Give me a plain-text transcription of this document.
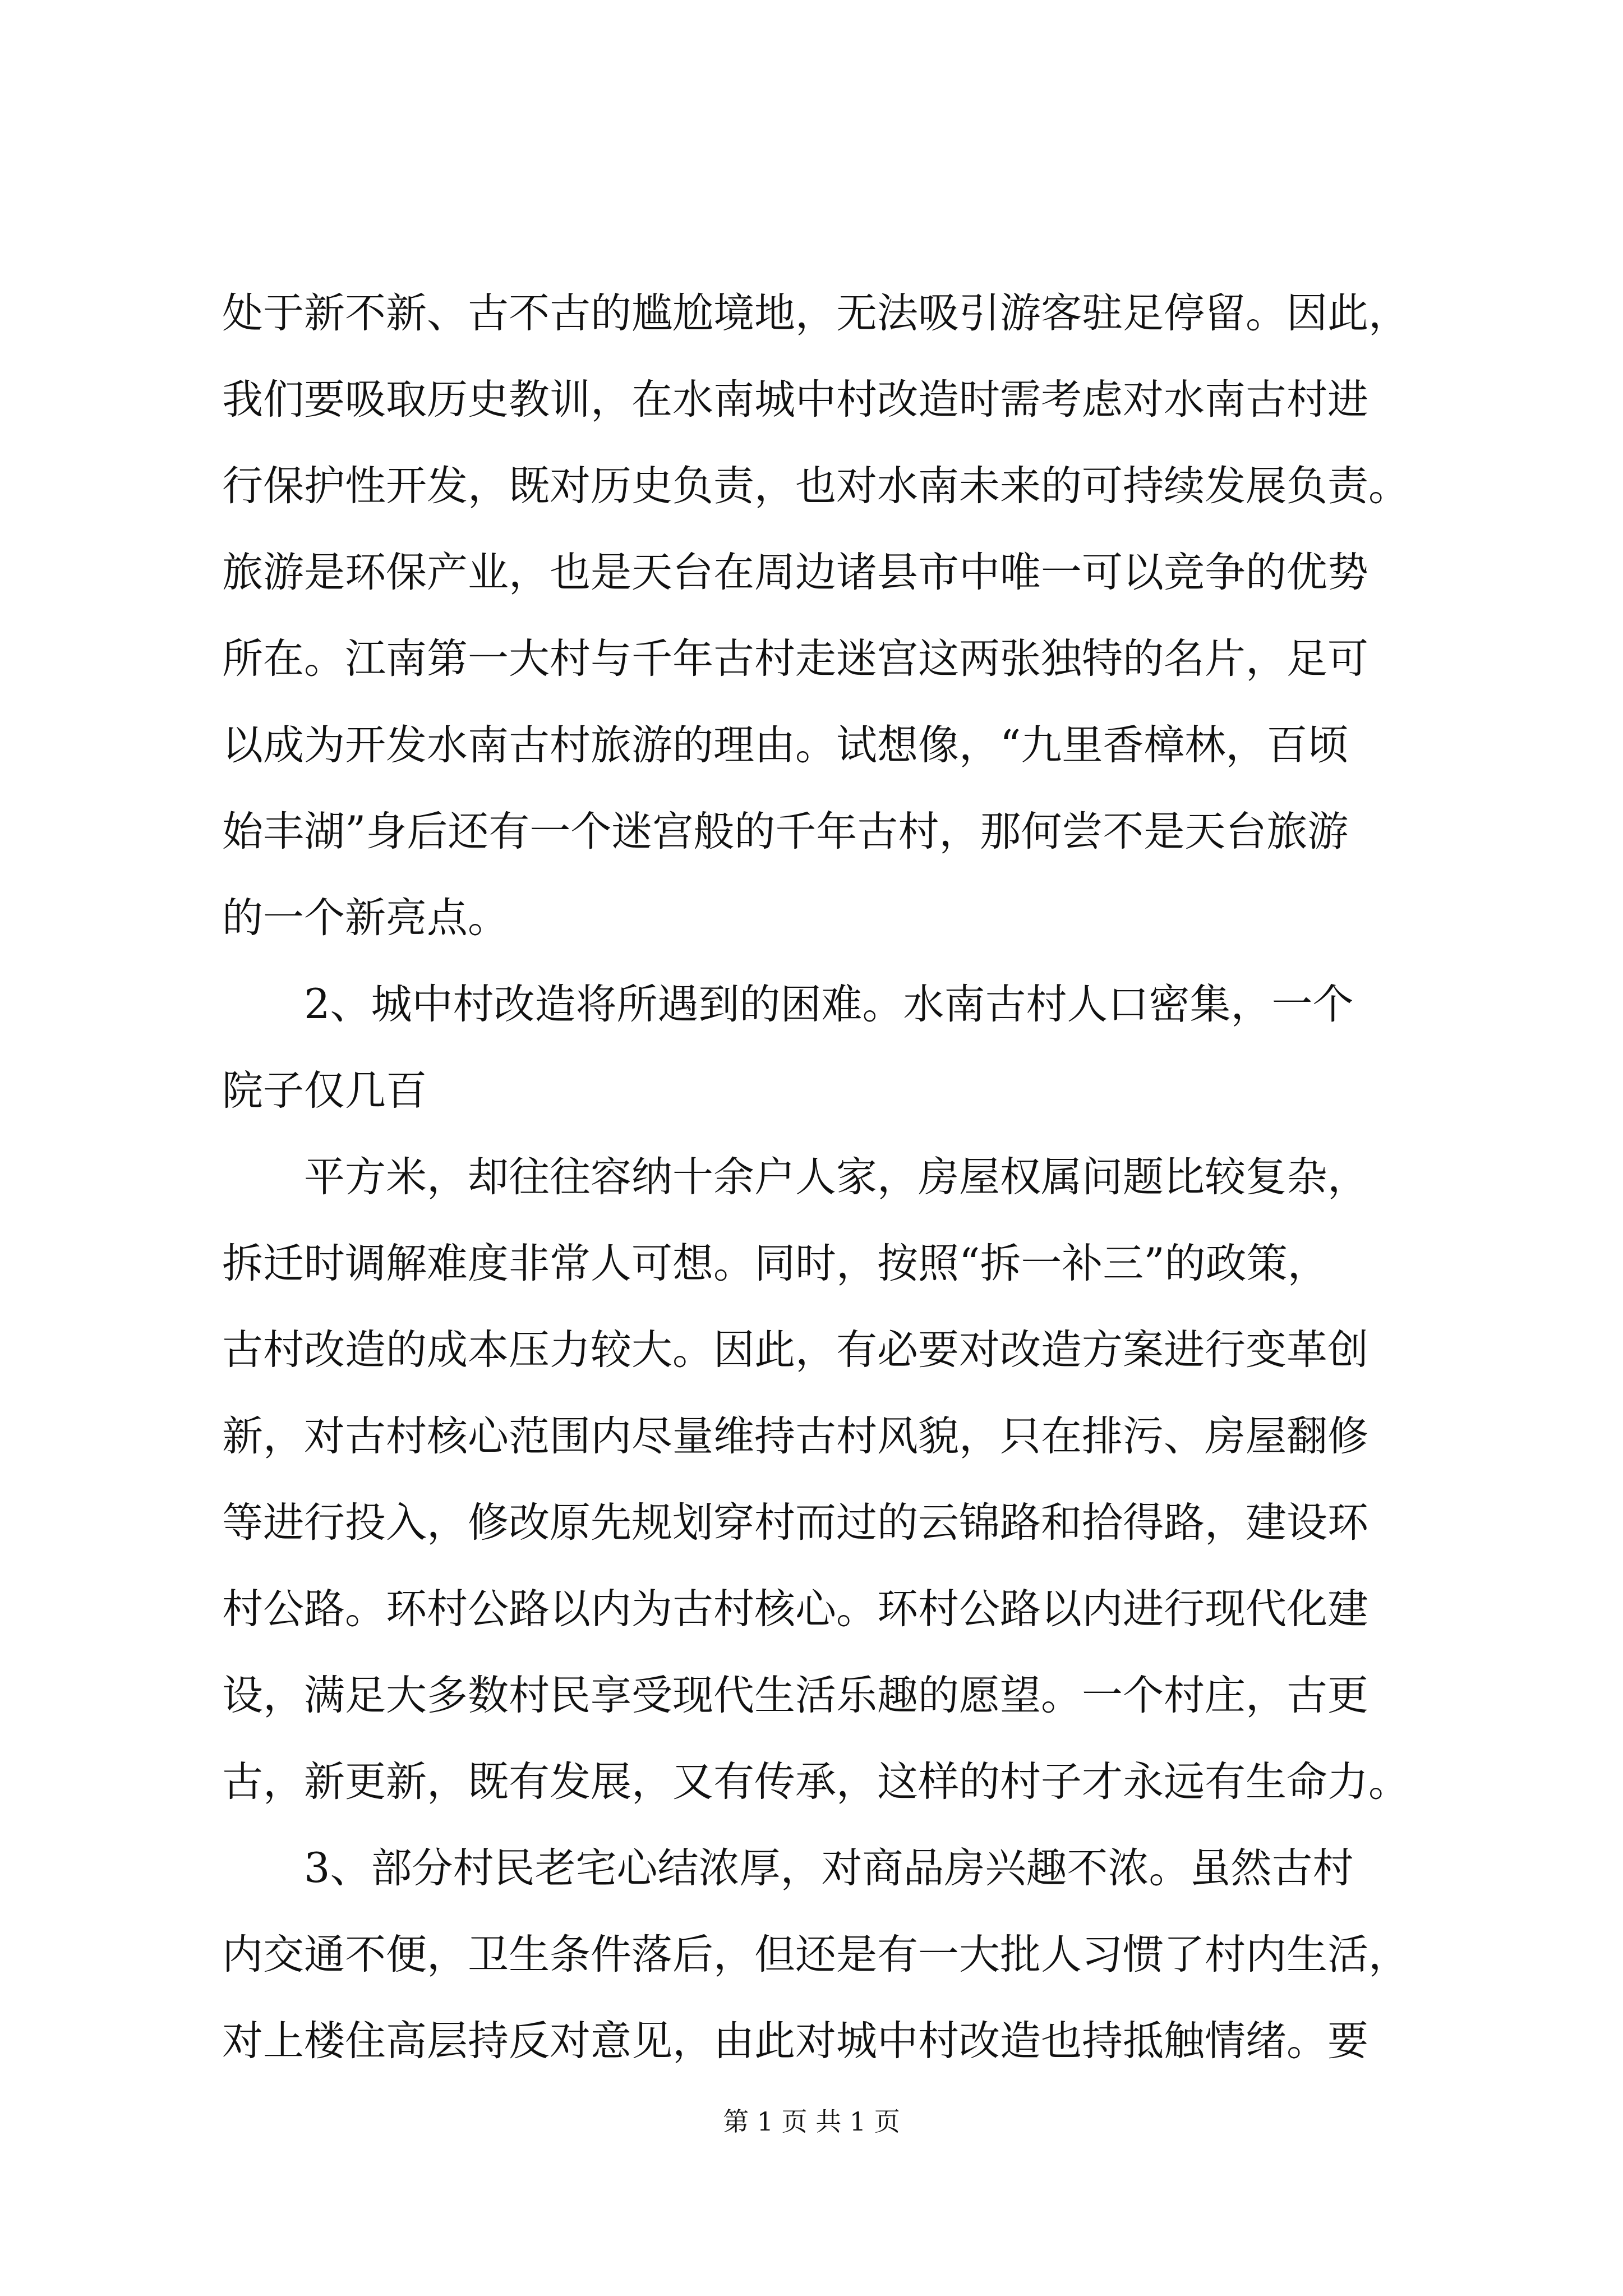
处于新不新、古不古的尴尬境地，无法吸引游客驻足停留。因此，
我们要吸取历史教训，在水南城中村改造时需考虑对水南古村进
行保护性开发，既对历史负责，也对水南未来的可持续发展负责。
旅游是环保产业，也是天台在周边诸县市中唯一可以竞争的优势
所在。江南第一大村与千年古村走迷宫这两张独特的名片，足可
以成为开发水南古村旅游的理由。试想像，“九里香樟林，百顷
始丰湖”身后还有一个迷宫般的千年古村，那何尝不是天台旅游
的一个新亮点。
2、城中村改造将所遇到的困难。水南古村人口密集，一个
院子仅几百
平方米，却往往容纳十余户人家，房屋权属问题比较复杂，
拆迁时调解难度非常人可想。同时，按照“拆一补三”的政策，
古村改造的成本压力较大。因此，有必要对改造方案进行变革创
新，对古村核心范围内尽量维持古村风貌，只在排污、房屋翻修
等进行投入，修改原先规划穿村而过的云锦路和拾得路，建设环
村公路。环村公路以内为古村核心。环村公路以内进行现代化建
设，满足大多数村民享受现代生活乐趣的愿望。一个村庄，古更
古，新更新，既有发展，又有传承，这样的村子才永远有生命力。
3、部分村民老宅心结浓厚，对商品房兴趣不浓。虽然古村
内交通不便，卫生条件落后，但还是有一大批人习惯了村内生活，
对上楼住高层持反对意见，由此对城中村改造也持抵触情绪。要
第 1 页 共 1 页
